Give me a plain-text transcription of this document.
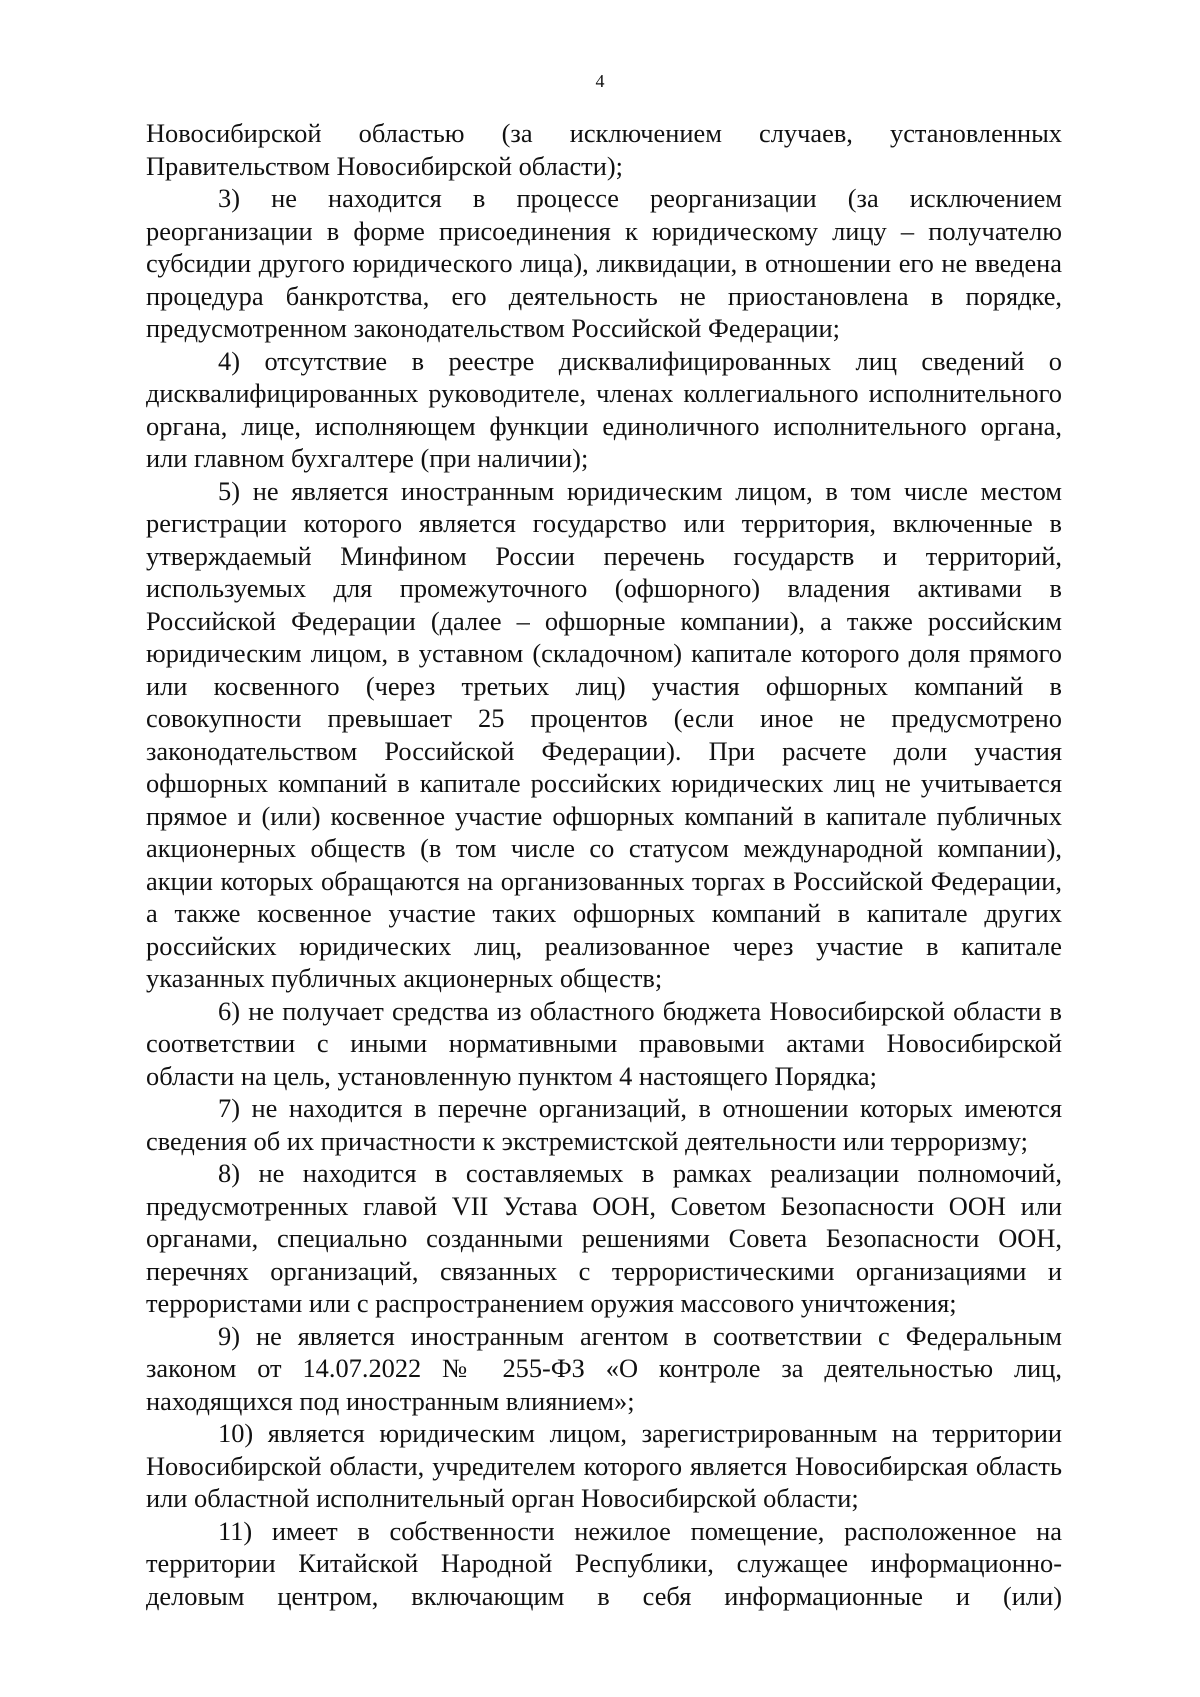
4

Новосибирской областью (за исключением случаев, установленных Правительством Новосибирской области);

3) не находится в процессе реорганизации (за исключением реорганизации в форме присоединения к юридическому лицу – получателю субсидии другого юридического лица), ликвидации, в отношении его не введена процедура банкротства, его деятельность не приостановлена в порядке, предусмотренном законодательством Российской Федерации;

4) отсутствие в реестре дисквалифицированных лиц сведений о дисквалифицированных руководителе, членах коллегиального исполнительного органа, лице, исполняющем функции единоличного исполнительного органа, или главном бухгалтере (при наличии);

5) не является иностранным юридическим лицом, в том числе местом регистрации которого является государство или территория, включенные в утверждаемый Минфином России перечень государств и территорий, используемых для промежуточного (офшорного) владения активами в Российской Федерации (далее – офшорные компании), а также российским юридическим лицом, в уставном (складочном) капитале которого доля прямого или косвенного (через третьих лиц) участия офшорных компаний в совокупности превышает 25 процентов (если иное не предусмотрено законодательством Российской Федерации). При расчете доли участия офшорных компаний в капитале российских юридических лиц не учитывается прямое и (или) косвенное участие офшорных компаний в капитале публичных акционерных обществ (в том числе со статусом международной компании), акции которых обращаются на организованных торгах в Российской Федерации, а также косвенное участие таких офшорных компаний в капитале других российских юридических лиц, реализованное через участие в капитале указанных публичных акционерных обществ;

6) не получает средства из областного бюджета Новосибирской области в соответствии с иными нормативными правовыми актами Новосибирской области на цель, установленную пунктом 4 настоящего Порядка;

7) не находится в перечне организаций, в отношении которых имеются сведения об их причастности к экстремистской деятельности или терроризму;

8) не находится в составляемых в рамках реализации полномочий, предусмотренных главой VII Устава ООН, Советом Безопасности ООН или органами, специально созданными решениями Совета Безопасности ООН, перечнях организаций, связанных с террористическими организациями и террористами или с распространением оружия массового уничтожения;

9) не является иностранным агентом в соответствии с Федеральным законом от 14.07.2022 № 255-ФЗ «О контроле за деятельностью лиц, находящихся под иностранным влиянием»;

10) является юридическим лицом, зарегистрированным на территории Новосибирской области, учредителем которого является Новосибирская область или областной исполнительный орган Новосибирской области;

11) имеет в собственности нежилое помещение, расположенное на территории Китайской Народной Республики, служащее информационно-деловым центром, включающим в себя информационные и (или)
